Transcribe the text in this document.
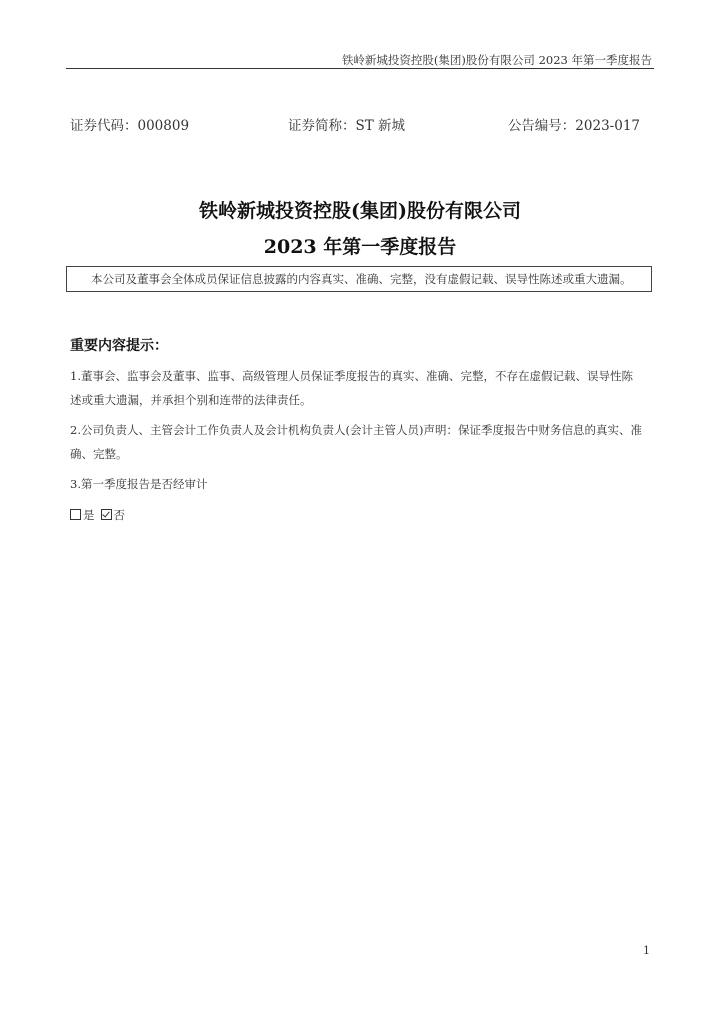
铁岭新城投资控股(集团)股份有限公司 2023 年第一季度报告
证券代码：000809	证券简称：ST 新城	公告编号：2023-017
铁岭新城投资控股(集团)股份有限公司
2023 年第一季度报告
本公司及董事会全体成员保证信息披露的内容真实、准确、完整，没有虚假记载、误导性陈述或重大遗漏。
重要内容提示：
1.董事会、监事会及董事、监事、高级管理人员保证季度报告的真实、准确、完整，不存在虚假记载、误导性陈述或重大遗漏，并承担个别和连带的法律责任。
2.公司负责人、主管会计工作负责人及会计机构负责人(会计主管人员)声明：保证季度报告中财务信息的真实、准确、完整。
3.第一季度报告是否经审计
是 否
1
